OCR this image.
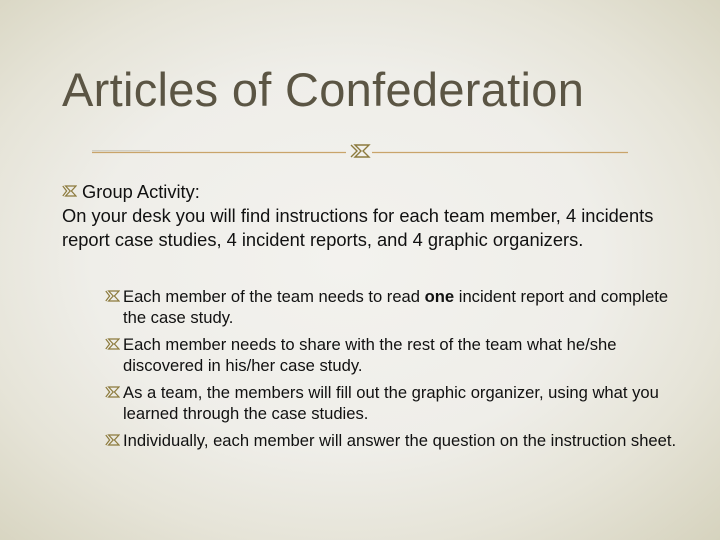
Articles of Confederation
Group Activity:
On your desk you will find instructions for each team member, 4 incidents report case studies, 4 incident reports, and 4 graphic organizers.
Each member of the team needs to read one incident report and complete the case study.
Each member needs to share with the rest of the team what he/she discovered in his/her case study.
As a team, the members will fill out the graphic organizer, using what you learned through the case studies.
Individually, each member will answer the question on the instruction sheet.
